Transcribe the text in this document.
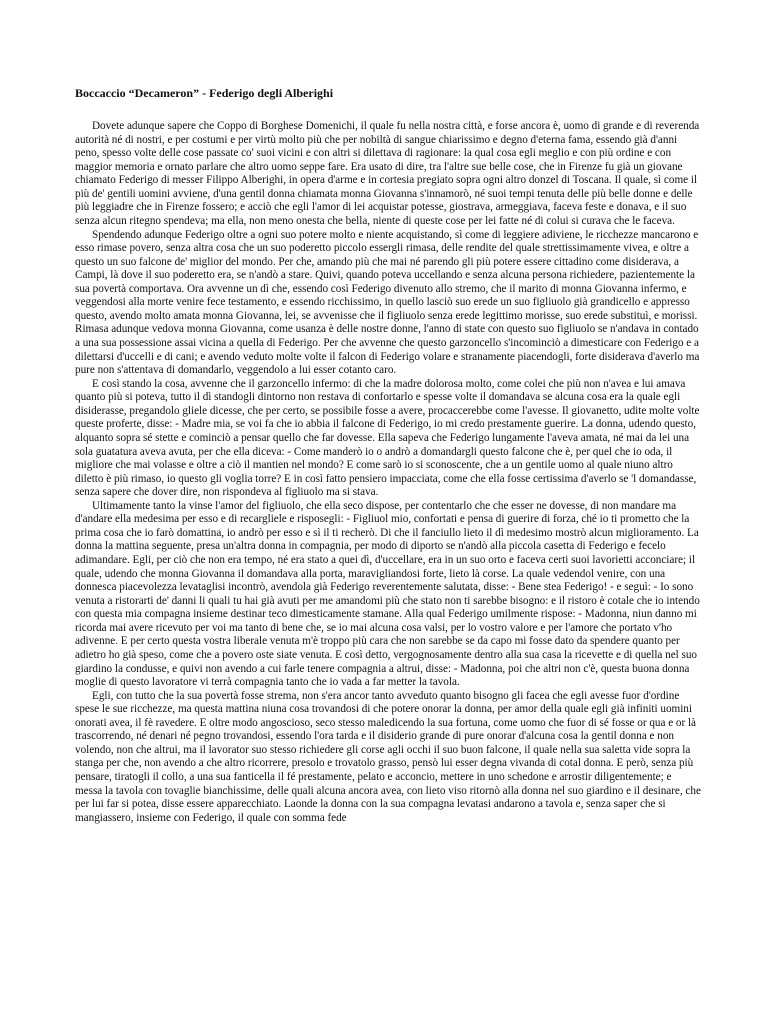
Boccaccio “Decameron” - Federigo degli Alberighi

Dovete adunque sapere che Coppo di Borghese Domenichi, il quale fu nella nostra città, e forse ancora è, uomo di grande e di reverenda autorità né di nostri, e per costumi e per virtù molto più che per nobiltà di sangue chiarissimo e degno d'eterna fama, essendo già d'anni peno, spesso volte delle cose passate co' suoi vicini e con altri si dilettava di ragionare: la qual cosa egli meglio e con più ordine e con maggior memoria e ornato parlare che altro uomo seppe fare. Era usato di dire, tra l'altre sue belle cose, che in Firenze fu già un giovane chiamato Federigo di messer Filippo Alberighi, in opera d'arme e in cortesia pregiato sopra ogni altro donzel di Toscana. Il quale, sì come il più de' gentili uomini avviene, d'una gentil donna chiamata monna Giovanna s'innamorò, né suoi tempi tenuta delle più belle donne e delle più leggiadre che in Firenze fossero; e acciò che egli l'amor di lei acquistar potesse, giostrava, armeggiava, faceva feste e donava, e il suo senza alcun ritegno spendeva; ma ella, non meno onesta che bella, niente di queste cose per lei fatte né di colui si curava che le faceva.

Spendendo adunque Federigo oltre a ogni suo potere molto e niente acquistando, sì come di leggiere adiviene, le ricchezze mancarono e esso rimase povero, senza altra cosa che un suo poderetto piccolo essergli rimasa, delle rendite del quale strettissimamente vivea, e oltre a questo un suo falcone de' miglior del mondo. Per che, amando più che mai né parendo gli più potere essere cittadino come disiderava, a Campi, là dove il suo poderetto era, se n'andò a stare. Quivi, quando poteva uccellando e senza alcuna persona richiedere, pazientemente la sua povertà comportava. Ora avvenne un dì che, essendo così Federigo divenuto allo stremo, che il marito di monna Giovanna infermo, e veggendosi alla morte venire fece testamento, e essendo ricchissimo, in quello lasciò suo erede un suo figliuolo già grandicello e appresso questo, avendo molto amata monna Giovanna, lei, se avvenisse che il figliuolo senza erede legittimo morisse, suo erede substituì, e morissi. Rimasa adunque vedova monna Giovanna, come usanza è delle nostre donne, l'anno di state con questo suo figliuolo se n'andava in contado a una sua possessione assai vicina a quella di Federigo. Per che avvenne che questo garzoncello s'incominciò a dimesticare con Federigo e a dilettarsi d'uccelli e di cani; e avendo veduto molte volte il falcon di Federigo volare e stranamente piacendogli, forte disiderava d'averlo ma pure non s'attentava di domandarlo, veggendolo a lui esser cotanto caro.

E così stando la cosa, avvenne che il garzoncello infermo: di che la madre dolorosa molto, come colei che più non n'avea e lui amava quanto più si poteva, tutto il dì standogli dintorno non restava di confortarlo e spesse volte il domandava se alcuna cosa era la quale egli disiderasse, pregandolo gliele dicesse, che per certo, se possibile fosse a avere, procaccerebbe come l'avesse. Il giovanetto, udite molte volte queste proferte, disse: - Madre mia, se voi fa che io abbia il falcone di Federigo, io mi credo prestamente guerire. La donna, udendo questo, alquanto sopra sé stette e cominciò a pensar quello che far dovesse. Ella sapeva che Federigo lungamente l'aveva amata, né mai da lei una sola guatatura aveva avuta, per che ella diceva: - Come manderò io o andrò a domandargli questo falcone che è, per quel che io oda, il migliore che mai volasse e oltre a ciò il mantien nel mondo? E come sarò io si sconoscente, che a un gentile uomo al quale niuno altro diletto è più rimaso, io questo gli voglia torre? E in così fatto pensiero impacciata, come che ella fosse certissima d'averlo se 'l domandasse, senza sapere che dover dire, non rispondeva al figliuolo ma si stava.

Ultimamente tanto la vinse l'amor del figliuolo, che ella seco dispose, per contentarlo che che esser ne dovesse, di non mandare ma d'andare ella medesima per esso e di recargliele e risposegli: - Figliuol mio, confortati e pensa di guerire di forza, ché io ti prometto che la prima cosa che io farò domattina, io andrò per esso e sì il ti recherò. Di che il fanciullo lieto il dì medesimo mostrò alcun miglioramento. La donna la mattina seguente, presa un'altra donna in compagnia, per modo di diporto se n'andò alla piccola casetta di Federigo e fecelo adimandare. Egli, per ciò che non era tempo, né era stato a quei dì, d'uccellare, era in un suo orto e faceva certi suoi lavorietti acconciare; il quale, udendo che monna Giovanna il domandava alla porta, maravigliandosi forte, lieto là corse. La quale vedendol venire, con una donnesca piacevolezza levataglisi incontrò, avendola già Federigo reverentemente salutata, disse: - Bene stea Federigo! - e seguì: - Io sono venuta a ristorarti de' danni li quali tu hai già avuti per me amandomi più che stato non ti sarebbe bisogno: e il ristoro è cotale che io intendo con questa mia compagna insieme destinar teco dimesticamente stamane. Alla qual Federigo umilmente rispose: - Madonna, niun danno mi ricorda mai avere ricevuto per voi ma tanto di bene che, se io mai alcuna cosa valsi, per lo vostro valore e per l'amore che portato v'ho adivenne. E per certo questa vostra liberale venuta m'è troppo più cara che non sarebbe se da capo mi fosse dato da spendere quanto per adietro ho già speso, come che a povero oste siate venuta. E così detto, vergognosamente dentro alla sua casa la ricevette e di quella nel suo giardino la condusse, e quivi non avendo a cui farle tenere compagnia a altrui, disse: - Madonna, poi che altri non c'è, questa buona donna moglie di questo lavoratore vi terrà compagnia tanto che io vada a far metter la tavola.

Egli, con tutto che la sua povertà fosse strema, non s'era ancor tanto avveduto quanto bisogno gli facea che egli avesse fuor d'ordine spese le sue ricchezze, ma questa mattina niuna cosa trovandosi di che potere onorar la donna, per amor della quale egli già infiniti uomini onorati avea, il fè ravedere. E oltre modo angoscioso, seco stesso maledicendo la sua fortuna, come uomo che fuor di sé fosse or qua e or là trascorrendo, né denari né pegno trovandosi, essendo l'ora tarda e il disiderio grande di pure onorar d'alcuna cosa la gentil donna e non volendo, non che altrui, ma il lavorator suo stesso richiedere gli corse agli occhi il suo buon falcone, il quale nella sua saletta vide sopra la stanga per che, non avendo a che altro ricorrere, presolo e trovatolo grasso, pensò lui esser degna vivanda di cotal donna. E però, senza più pensare, tiratogli il collo, a una sua fanticella il fé prestamente, pelato e acconcio, mettere in uno schedone e arrostir diligentemente; e messa la tavola con tovaglie bianchissime, delle quali alcuna ancora avea, con lieto viso ritornò alla donna nel suo giardino e il desinare, che per lui far si potea, disse essere apparecchiato. Laonde la donna con la sua compagna levatasi andarono a tavola e, senza saper che si mangiassero, insieme con Federigo, il quale con somma fede
